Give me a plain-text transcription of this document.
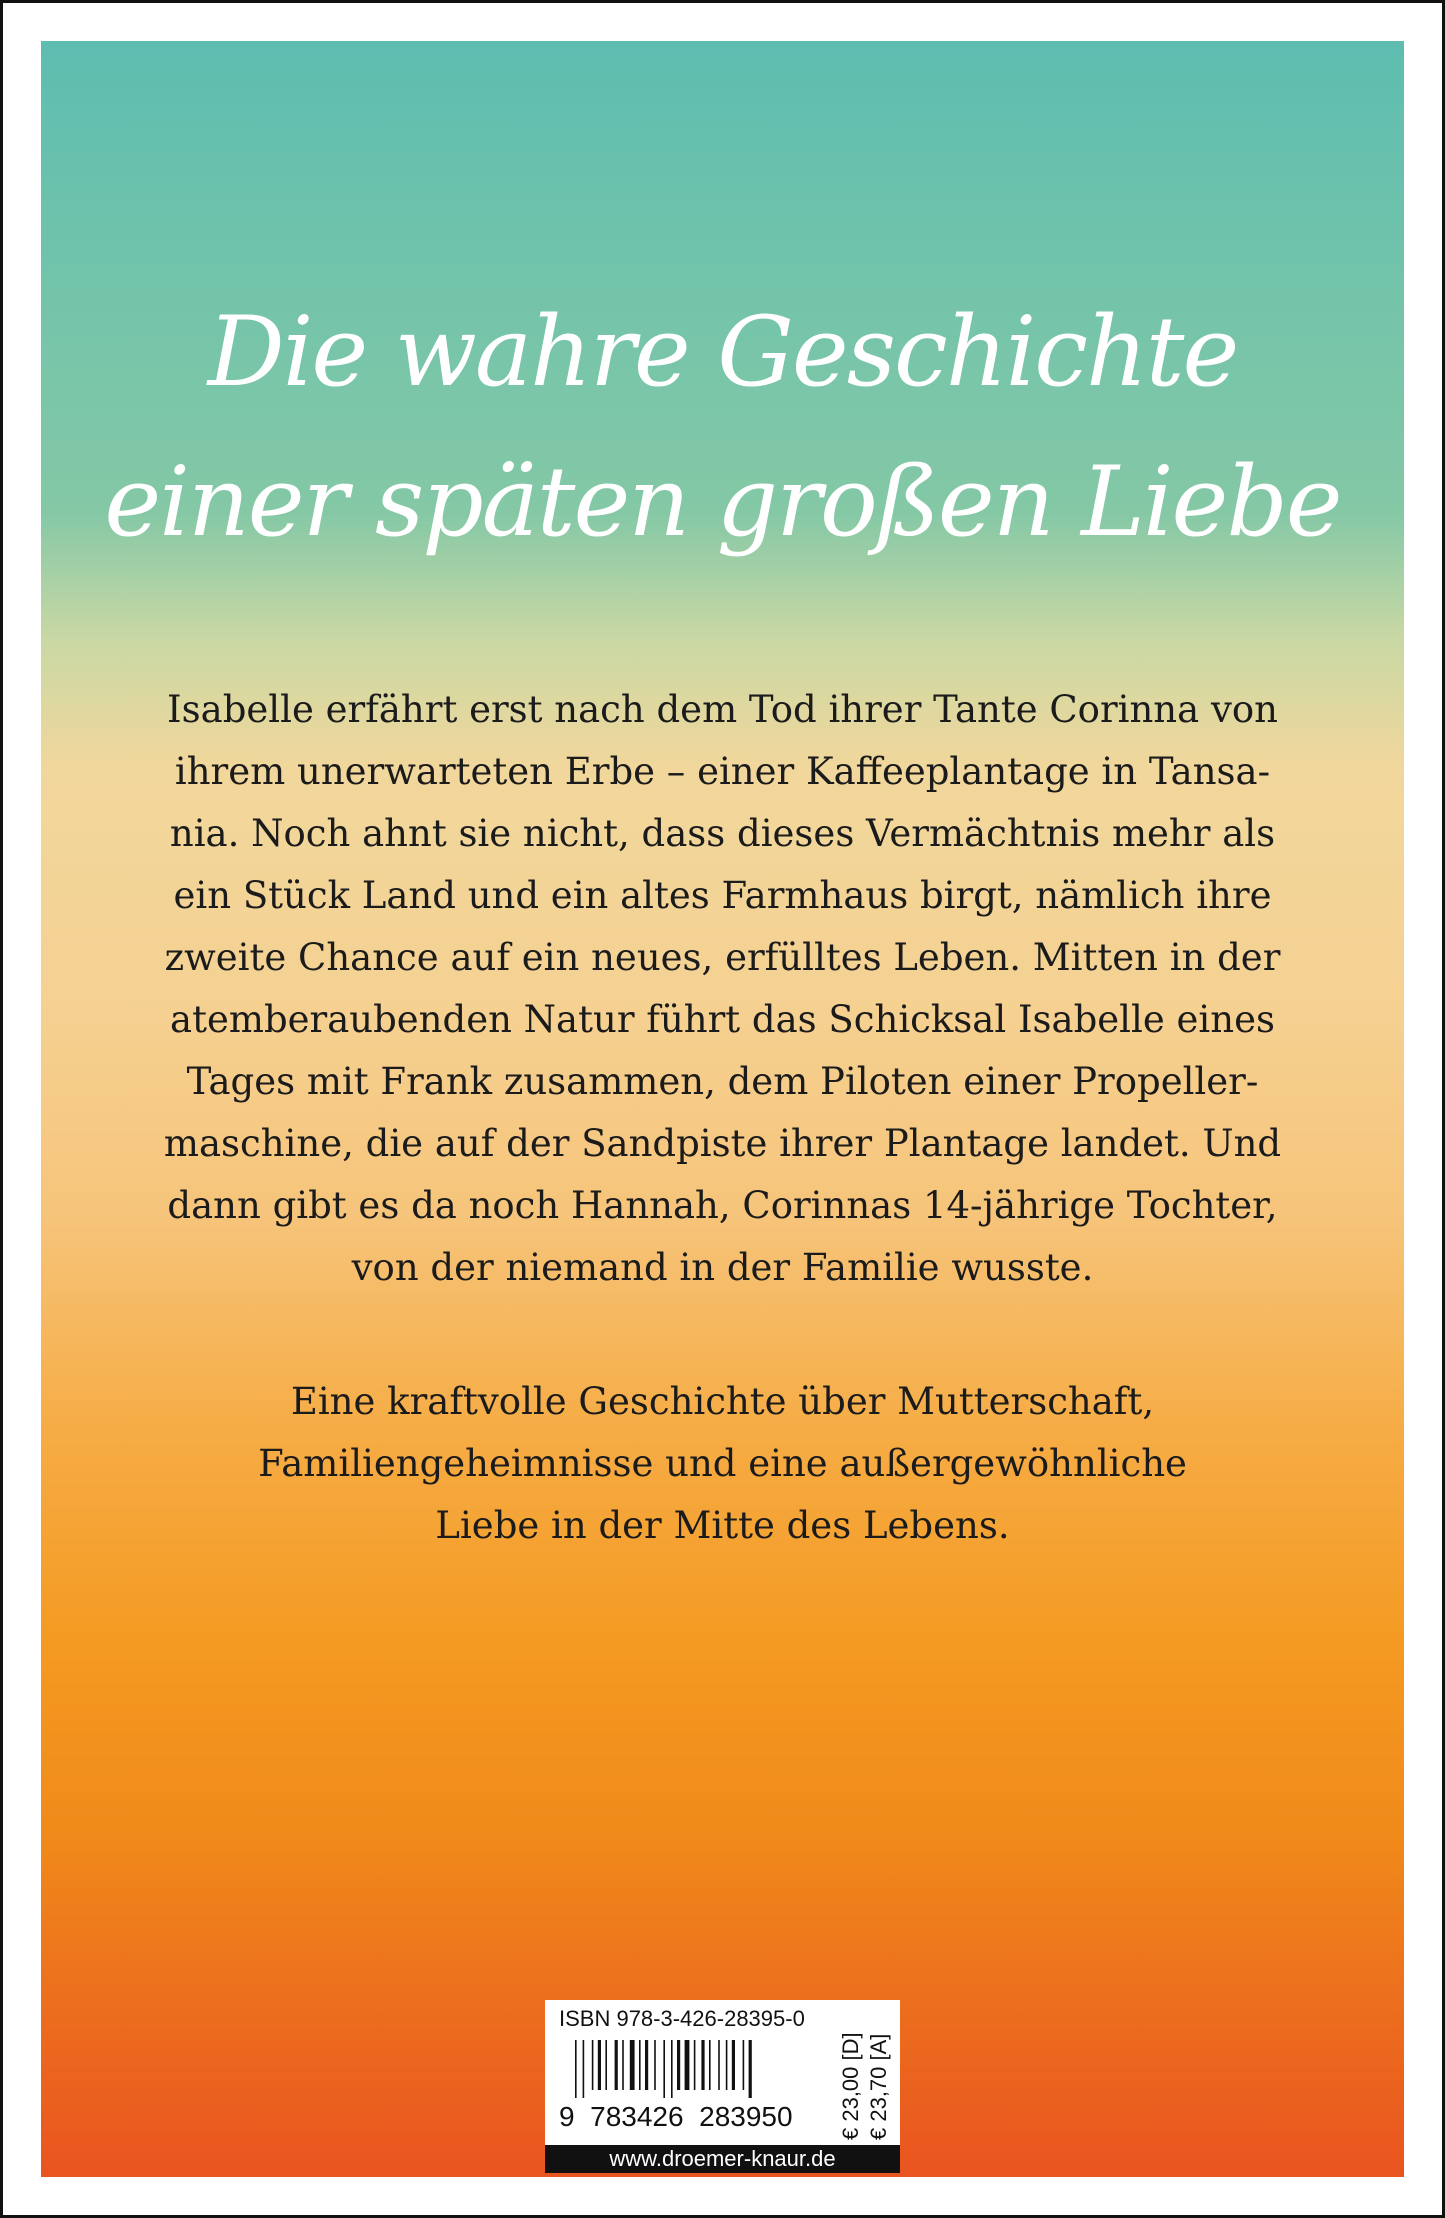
Die wahre Geschichte
einer späten großen Liebe
Isabelle erfährt erst nach dem Tod ihrer Tante Corinna von
ihrem unerwarteten Erbe – einer Kaffeeplantage in Tansa-
nia. Noch ahnt sie nicht, dass dieses Vermächtnis mehr als
ein Stück Land und ein altes Farmhaus birgt, nämlich ihre
zweite Chance auf ein neues, erfülltes Leben. Mitten in der
atemberaubenden Natur führt das Schicksal Isabelle eines
Tages mit Frank zusammen, dem Piloten einer Propeller-
maschine, die auf der Sandpiste ihrer Plantage landet. Und
dann gibt es da noch Hannah, Corinnas 14-jährige Tochter,
von der niemand in der Familie wusste.
Eine kraftvolle Geschichte über Mutterschaft,
Familiengeheimnisse und eine außergewöhnliche
Liebe in der Mitte des Lebens.
ISBN 978-3-426-28395-0
9  783426  283950 € 23,00 [D] € 23,70 [A]
www.droemer-knaur.de
